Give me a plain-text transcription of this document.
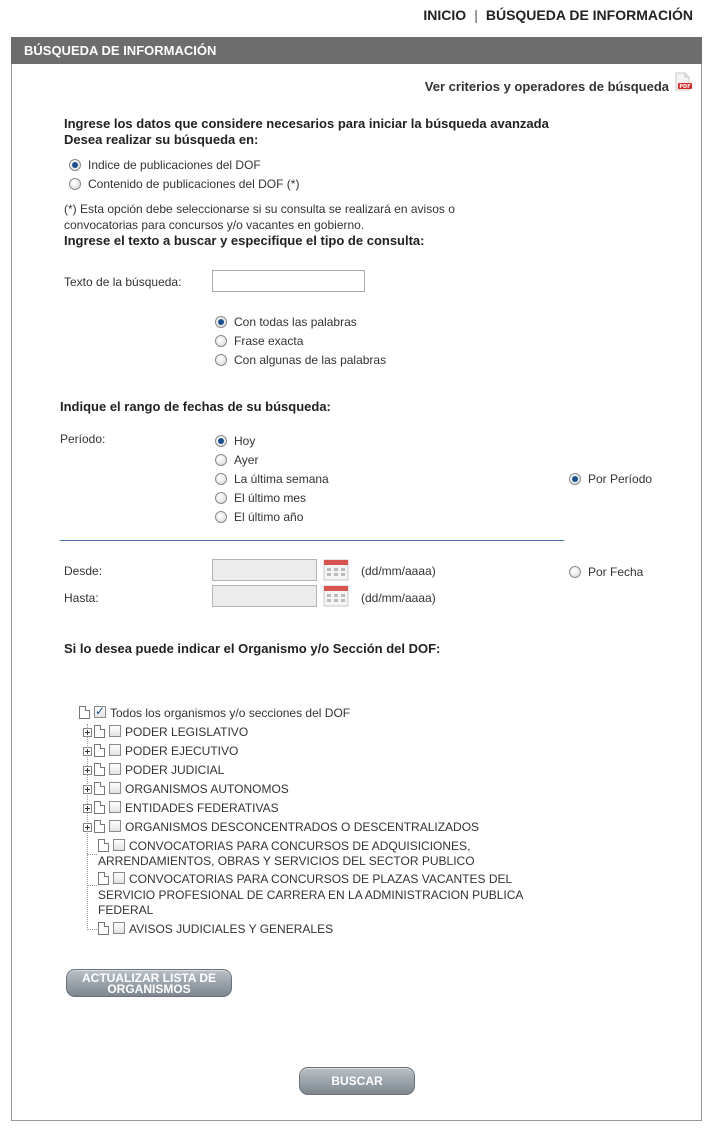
INICIO | BÚSQUEDA DE INFORMACIÓN
BÚSQUEDA DE INFORMACIÓN
Ver criterios y operadores de búsqueda PDF
Ingrese los datos que considere necesarios para iniciar la búsqueda avanzada
Desea realizar su búsqueda en:
Indice de publicaciones del DOF
Contenido de publicaciones del DOF (*)
(*) Esta opción debe seleccionarse si su consulta se realizará en avisos o
convocatorias para concursos y/o vacantes en gobierno.
Ingrese el texto a buscar y especifique el tipo de consulta:
Texto de la búsqueda:
Con todas las palabras
Frase exacta
Con algunas de las palabras
Indique el rango de fechas de su búsqueda:
Período:	Hoy
Ayer
La última semana
El último mes
El último año
Por Período
Desde:	(dd/mm/aaaa)
Hasta:	(dd/mm/aaaa)
Por Fecha
Si lo desea puede indicar el Organismo y/o Sección del DOF:
✓
Todos los organismos y/o secciones del DOF
PODER LEGISLATIVO
PODER EJECUTIVO
PODER JUDICIAL
ORGANISMOS AUTONOMOS
ENTIDADES FEDERATIVAS
ORGANISMOS DESCONCENTRADOS O DESCENTRALIZADOS
CONVOCATORIAS PARA CONCURSOS DE ADQUISICIONES,
ARRENDAMIENTOS, OBRAS Y SERVICIOS DEL SECTOR PUBLICO
CONVOCATORIAS PARA CONCURSOS DE PLAZAS VACANTES DEL
SERVICIO PROFESIONAL DE CARRERA EN LA ADMINISTRACION PUBLICA
FEDERAL
AVISOS JUDICIALES Y GENERALES
ACTUALIZAR LISTA DE
ORGANISMOS
BUSCAR
